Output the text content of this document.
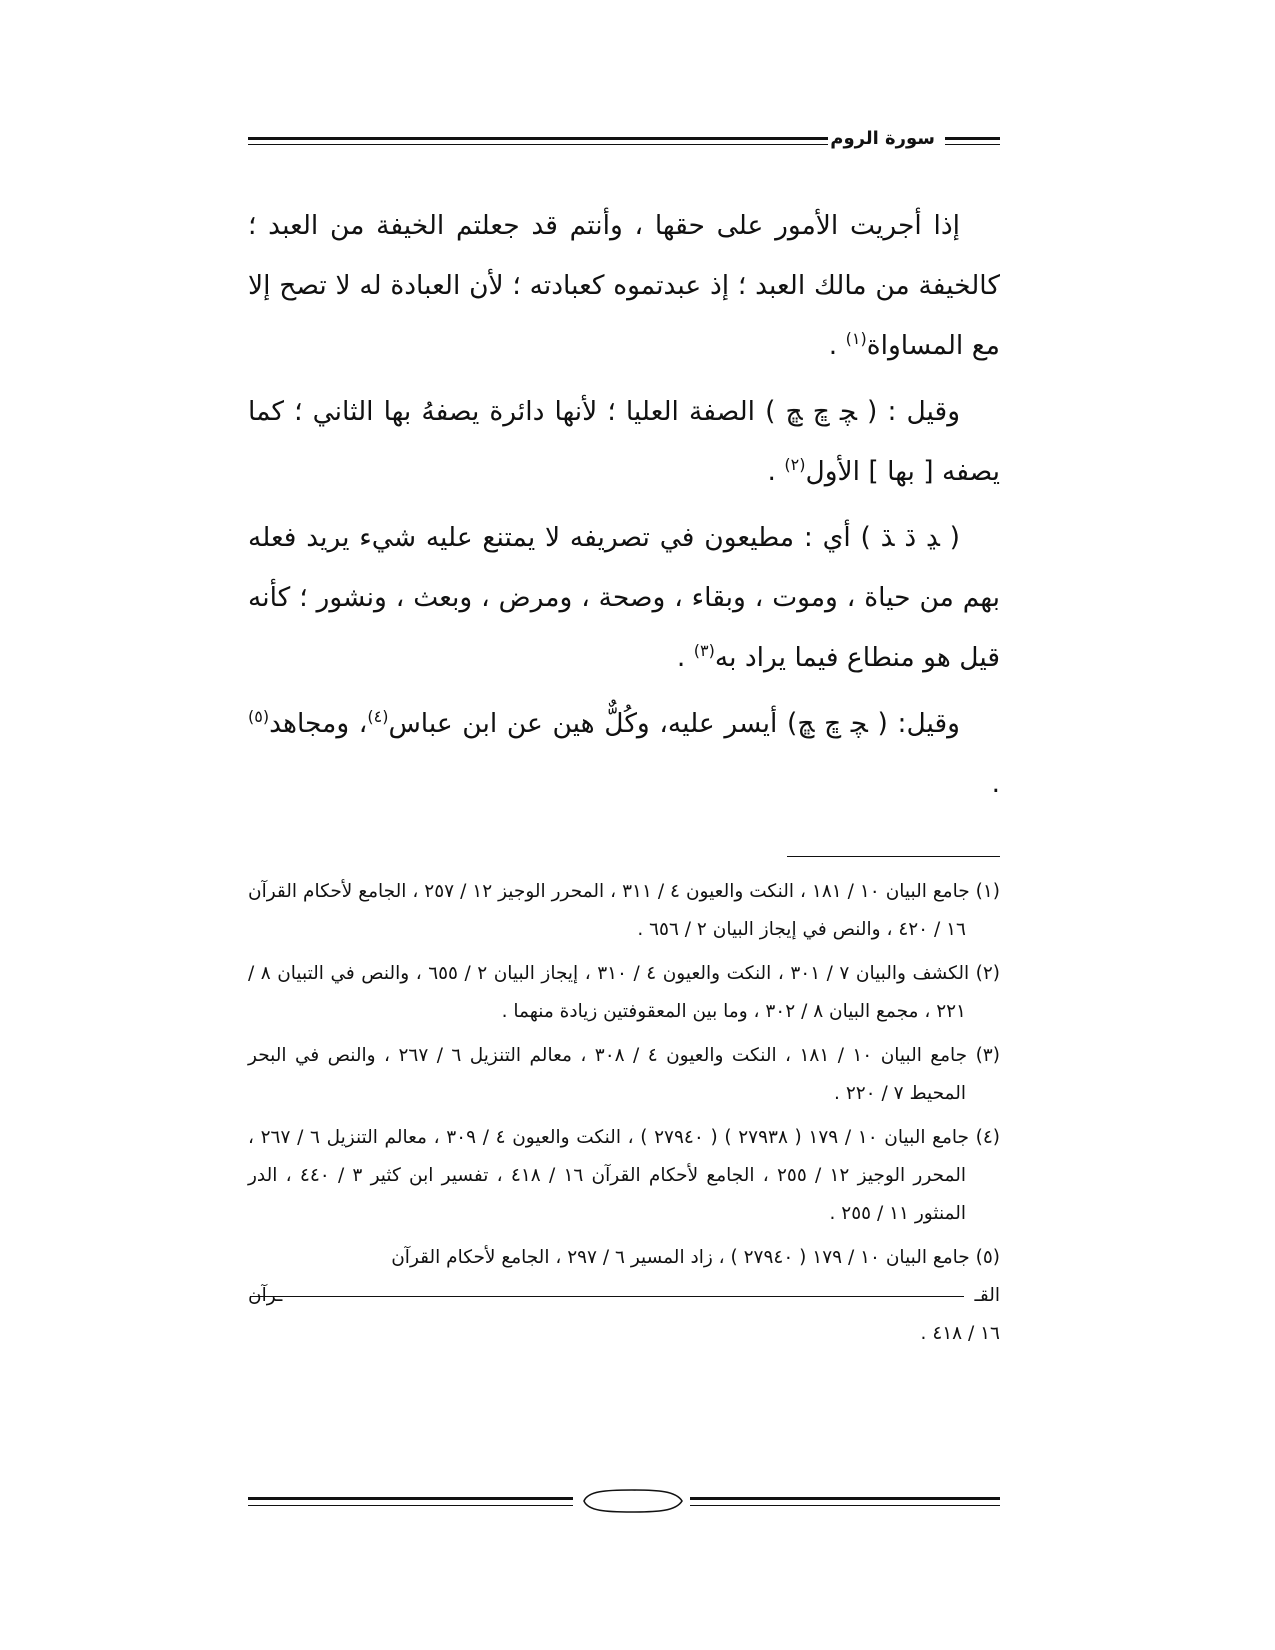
سورة الروم

إذا أجريت الأمور على حقها ، وأنتم قد جعلتم الخيفة من العبد ؛ كالخيفة من مالك العبد ؛ إذ عبدتموه كعبادته ؛ لأن العبادة له لا تصح إلا مع المساواة$^{(١)}$ .

وقيل : ( ﭽ ﭾ ﭿ ) الصفة العليا ؛ لأنها دائرة يصفهُ بها الثاني ؛ كما يصفه [ بها ] الأول$^{(٢)}$ .

( ﮃ ﮄ ﮅ ) أي : مطيعون في تصريفه لا يمتنع عليه شيء يريد فعله بهم من حياة ، وموت ، وبقاء ، وصحة ، ومرض ، وبعث ، ونشور ؛ كأنه قيل هو منطاع فيما يراد به$^{(٣)}$ .

وقيل: ( ﭽ ﭾ ﭿ) أيسر عليه، وكُلٌّ هين عن ابن عباس$^{(٤)}$، ومجاهد$^{(٥)}$ .

(١) جامع البيان ١٠ / ١٨١ ، النكت والعيون ٤ / ٣١١ ، المحرر الوجيز ١٢ / ٢٥٧ ، الجامع لأحكام القرآن ١٦ / ٤٢٠ ، والنص في إيجاز البيان ٢ / ٦٥٦ .

(٢) الكشف والبيان ٧ / ٣٠١ ، النكت والعيون ٤ / ٣١٠ ، إيجاز البيان ٢ / ٦٥٥ ، والنص في التبيان ٨ / ٢٢١ ، مجمع البيان ٨ / ٣٠٢ ، وما بين المعقوفتين زيادة منهما .

(٣) جامع البيان ١٠ / ١٨١ ، النكت والعيون ٤ / ٣٠٨ ، معالم التنزيل ٦ / ٢٦٧ ، والنص في البحر المحيط ٧ / ٢٢٠ .

(٤) جامع البيان ١٠ / ١٧٩ ( ٢٧٩٣٨ ) ( ٢٧٩٤٠ ) ، النكت والعيون ٤ / ٣٠٩ ، معالم التنزيل ٦ / ٢٦٧ ، المحرر الوجيز ١٢ / ٢٥٥ ، الجامع لأحكام القرآن ١٦ / ٤١٨ ، تفسير ابن كثير ٣ / ٤٤٠ ، الدر المنثور ١١ / ٢٥٥ .

(٥) جامع البيان ١٠ / ١٧٩ ( ٢٧٩٤٠ ) ، زاد المسير ٦ / ٢٩٧ ، الجامع لأحكام القرآن
القـ
ـرآن
١٦ / ٤١٨ .
